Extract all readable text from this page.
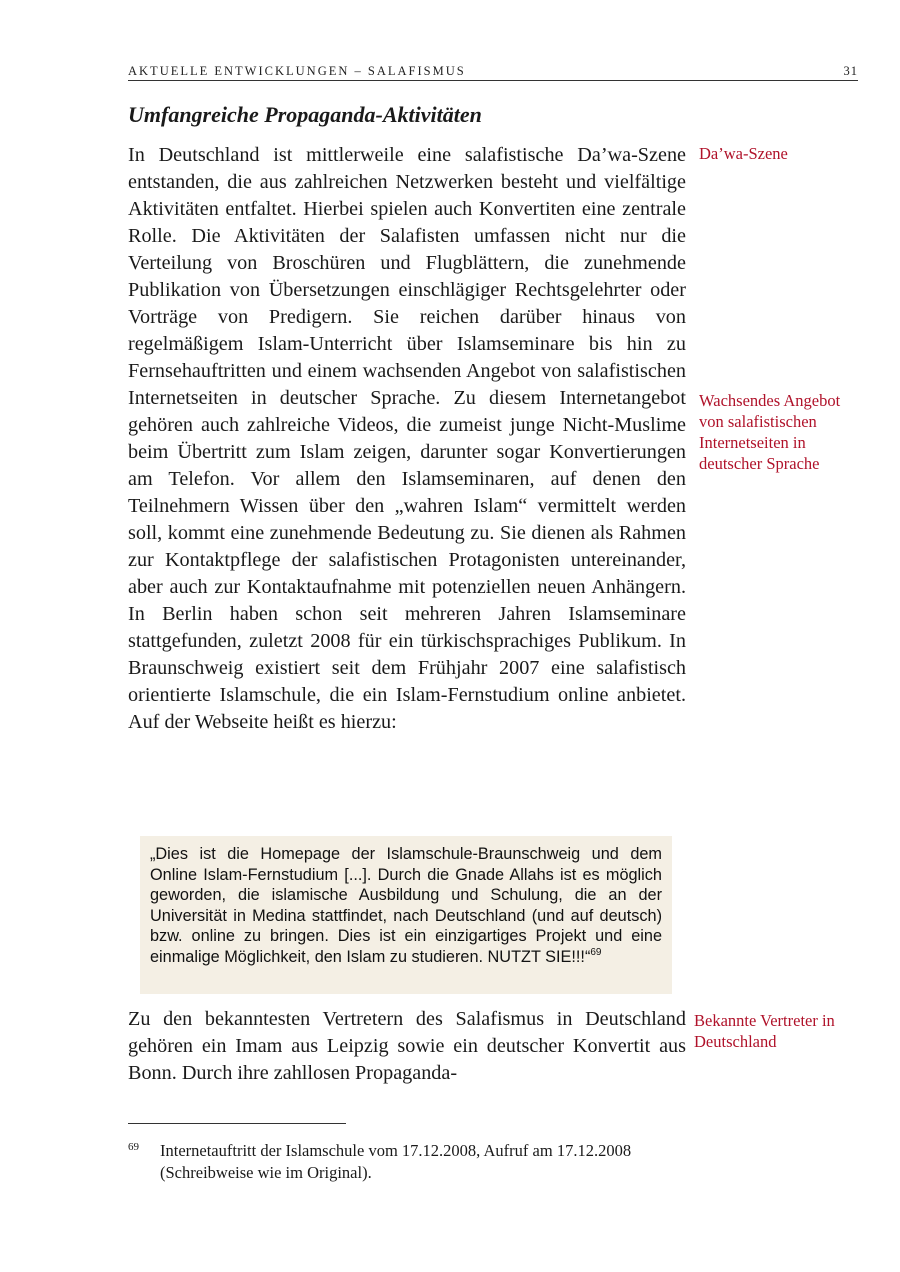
AKTUELLE ENTWICKLUNGEN – SALAFISMUS	31
Umfangreiche Propaganda-Aktivitäten

In Deutschland ist mittlerweile eine salafistische Da’wa-Szene entstanden, die aus zahlreichen Netzwerken besteht und vielfältige Aktivitäten entfaltet. Hierbei spielen auch Konvertiten eine zentrale Rolle. Die Aktivitäten der Salafisten umfassen nicht nur die Verteilung von Broschüren und Flugblättern, die zunehmende Publikation von Übersetzungen einschlägiger Rechtsgelehrter oder Vorträge von Predigern. Sie reichen darüber hinaus von regelmäßigem Islam-Unterricht über Islamseminare bis hin zu Fernsehauftritten und einem wachsenden Angebot von salafistischen Internetseiten in deutscher Sprache. Zu diesem Internetangebot gehören auch zahlreiche Videos, die zumeist junge Nicht-Muslime beim Übertritt zum Islam zeigen, darunter sogar Konvertierungen am Telefon. Vor allem den Islamseminaren, auf denen den Teilnehmern Wissen über den „wahren Islam“ vermittelt werden soll, kommt eine zunehmende Bedeutung zu. Sie dienen als Rahmen zur Kontaktpflege der salafistischen Protagonisten untereinander, aber auch zur Kontaktaufnahme mit potenziellen neuen Anhängern. In Berlin haben schon seit mehreren Jahren Islamseminare stattgefunden, zuletzt 2008 für ein türkischsprachiges Publikum. In Braunschweig existiert seit dem Frühjahr 2007 eine salafistisch orientierte Islamschule, die ein Islam-Fernstudium online anbietet. Auf der Webseite heißt es hierzu:

Da’wa-Szene
Wachsendes Angebot von salafistischen Internetseiten in deutscher Sprache
„Dies ist die Homepage der Islamschule-Braunschweig und dem Online Islam-Fernstudium [...]. Durch die Gnade Allahs ist es möglich geworden, die islamische Ausbildung und Schulung, die an der Universität in Medina stattfindet, nach Deutschland (und auf deutsch) bzw. online zu bringen. Dies ist ein einzigartiges Projekt und eine einmalige Möglichkeit, den Islam zu studieren. NUTZT SIE!!!“$^{69}$

Zu den bekanntesten Vertretern des Salafismus in Deutschland gehören ein Imam aus Leipzig sowie ein deutscher Konvertit aus Bonn. Durch ihre zahllosen Propaganda-

Bekannte Vertreter in Deutschland
69 Internetauftritt der Islamschule vom 17.12.2008, Aufruf am 17.12.2008 (Schreibweise wie im Original).
